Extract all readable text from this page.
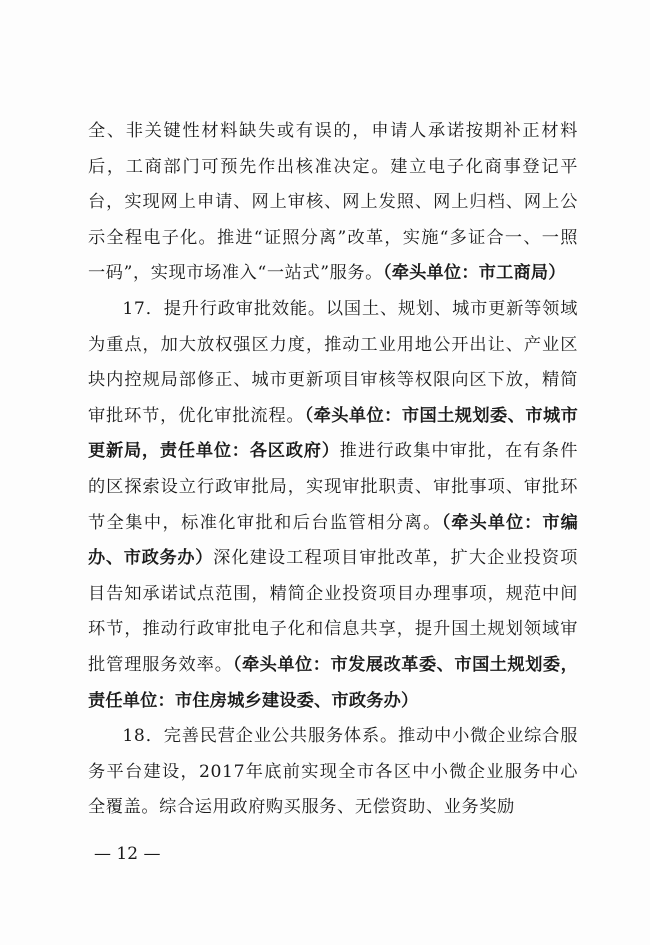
全、非关键性材料缺失或有误的，申请人承诺按期补正材料后，工商部门可预先作出核准决定。建立电子化商事登记平台，实现网上申请、网上审核、网上发照、网上归档、网上公示全程电子化。推进“证照分离”改革，实施“多证合一、一照一码”，实现市场准入“一站式”服务。（牵头单位：市工商局）

17．提升行政审批效能。以国土、规划、城市更新等领域为重点，加大放权强区力度，推动工业用地公开出让、产业区块内控规局部修正、城市更新项目审核等权限向区下放，精简审批环节，优化审批流程。（牵头单位：市国土规划委、市城市更新局，责任单位：各区政府）推进行政集中审批，在有条件的区探索设立行政审批局，实现审批职责、审批事项、审批环节全集中，标准化审批和后台监管相分离。（牵头单位：市编办、市政务办）深化建设工程项目审批改革，扩大企业投资项目告知承诺试点范围，精简企业投资项目办理事项，规范中间环节，推动行政审批电子化和信息共享，提升国土规划领域审批管理服务效率。（牵头单位：市发展改革委、市国土规划委，责任单位：市住房城乡建设委、市政务办）

18．完善民营企业公共服务体系。推动中小微企业综合服务平台建设，2017年底前实现全市各区中小微企业服务中心全覆盖。综合运用政府购买服务、无偿资助、业务奖励

— 12 —
